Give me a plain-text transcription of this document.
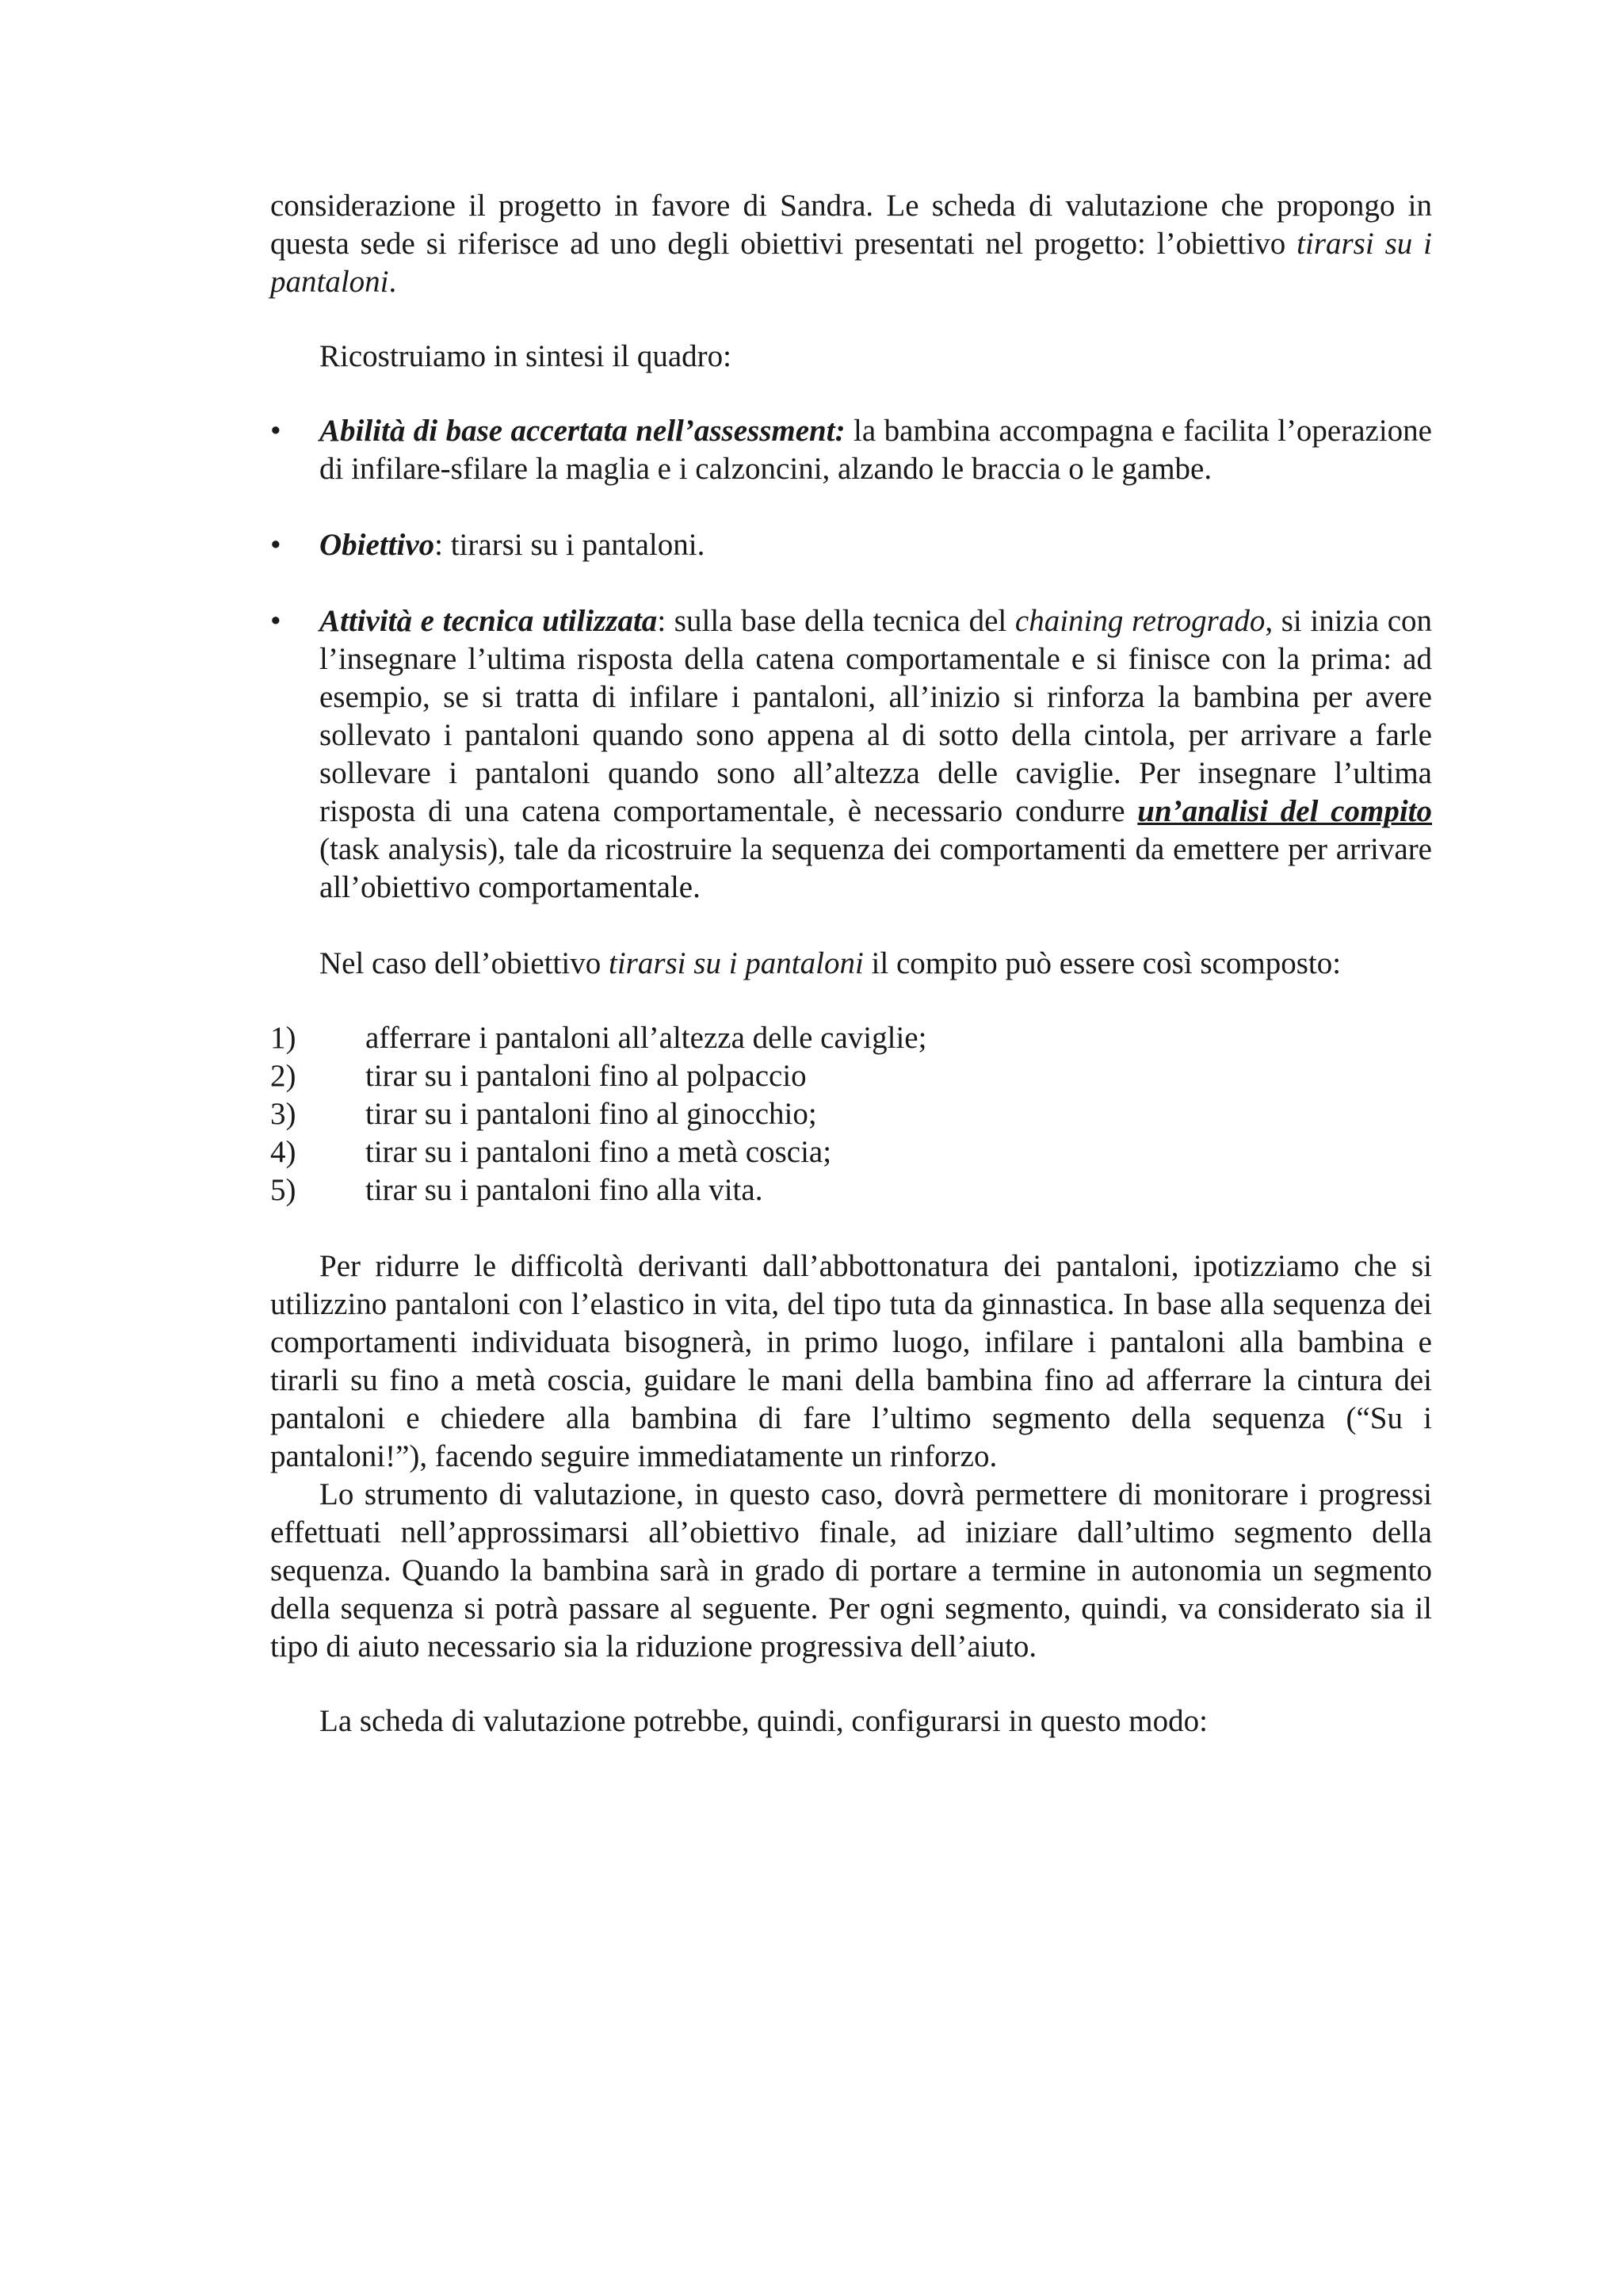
considerazione il progetto in favore di Sandra. Le scheda di valutazione che propongo in questa sede si riferisce ad uno degli obiettivi presentati nel progetto: l’obiettivo tirarsi su i pantaloni.

Ricostruiamo in sintesi il quadro:

•	Abilità di base accertata nell’assessment: la bambina accompagna e facilita l’operazione di infilare-sfilare la maglia e i calzoncini, alzando le braccia o le gambe.
•	Obiettivo: tirarsi su i pantaloni.
•	Attività e tecnica utilizzata: sulla base della tecnica del chaining retrogrado, si inizia con l’insegnare l’ultima risposta della catena comportamentale e si finisce con la prima: ad esempio, se si tratta di infilare i pantaloni, all’inizio si rinforza la bambina per avere sollevato i pantaloni quando sono appena al di sotto della cintola, per arrivare a farle sollevare i pantaloni quando sono all’altezza delle caviglie. Per insegnare l’ultima risposta di una catena comportamentale, è necessario condurre un’analisi del compito (task analysis), tale da ricostruire la sequenza dei comportamenti da emettere per arrivare all’obiettivo comportamentale.

Nel caso dell’obiettivo tirarsi su i pantaloni il compito può essere così scomposto:

1)	afferrare i pantaloni all’altezza delle caviglie;
2)	tirar su i pantaloni fino al polpaccio
3)	tirar su i pantaloni fino al ginocchio;
4)	tirar su i pantaloni fino a metà coscia;
5)	tirar su i pantaloni fino alla vita.

Per ridurre le difficoltà derivanti dall’abbottonatura dei pantaloni, ipotizziamo che si utilizzino pantaloni con l’elastico in vita, del tipo tuta da ginnastica. In base alla sequenza dei comportamenti individuata bisognerà, in primo luogo, infilare i pantaloni alla bambina e tirarli su fino a metà coscia, guidare le mani della bambina fino ad afferrare la cintura dei pantaloni e chiedere alla bambina di fare l’ultimo segmento della sequenza (“Su i pantaloni!”), facendo seguire immediatamente un rinforzo.

Lo strumento di valutazione, in questo caso, dovrà permettere di monitorare i progressi effettuati nell’approssimarsi all’obiettivo finale, ad iniziare dall’ultimo segmento della sequenza. Quando la bambina sarà in grado di portare a termine in autonomia un segmento della sequenza si potrà passare al seguente. Per ogni segmento, quindi, va considerato sia il tipo di aiuto necessario sia la riduzione progressiva dell’aiuto.

La scheda di valutazione potrebbe, quindi, configurarsi in questo modo:
